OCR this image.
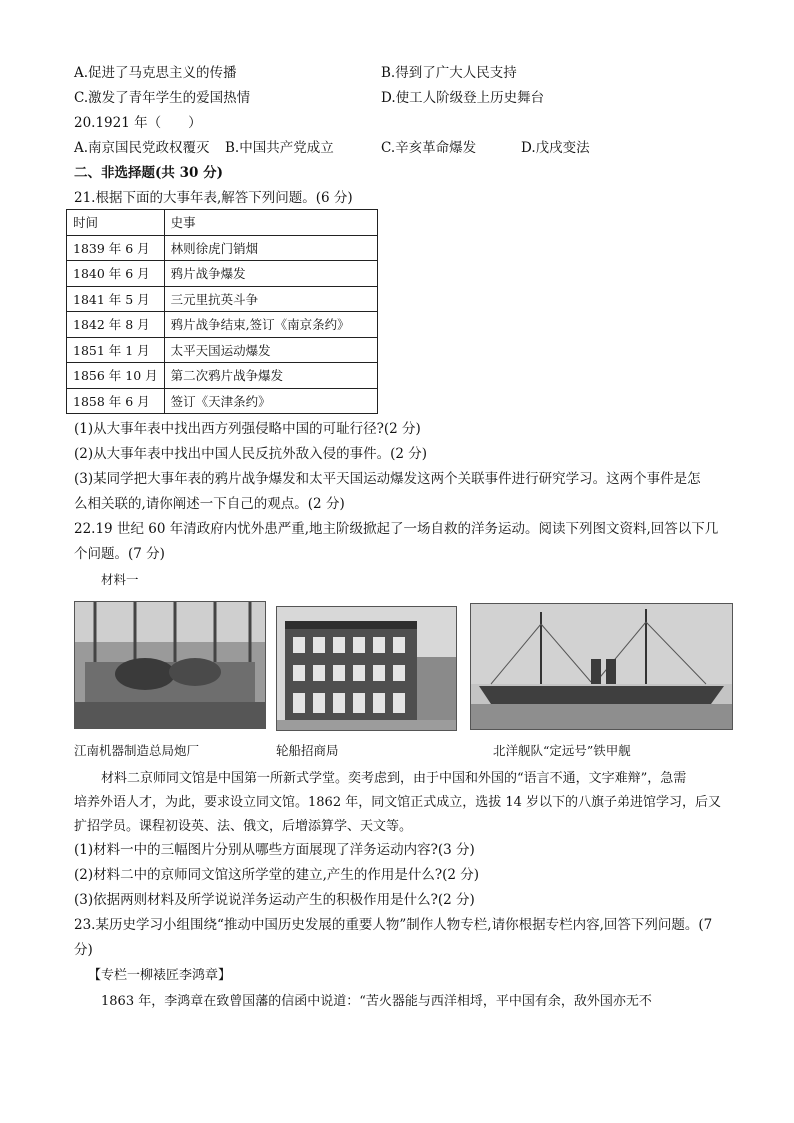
A.促进了马克思主义的传播	B.得到了广大人民支持
C.激发了青年学生的爱国热情	D.使工人阶级登上历史舞台
20.1921 年（　　）
A.南京国民党政权覆灭 B.中国共产党成立	C.辛亥革命爆发	D.戊戌变法
二、非选择题(共 30 分)
21.根据下面的大事年表,解答下列问题。(6 分)
时间	史事
1839 年 6 月	林则徐虎门销烟
1840 年 6 月	鸦片战争爆发
1841 年 5 月	三元里抗英斗争
1842 年 8 月	鸦片战争结束,签订《南京条约》
1851 年 1 月	太平天国运动爆发
1856 年 10 月	第二次鸦片战争爆发
1858 年 6 月	签订《天津条约》
(1)从大事年表中找出西方列强侵略中国的可耻行径?(2 分)
(2)从大事年表中找出中国人民反抗外敌入侵的事件。(2 分)
(3)某同学把大事年表的鸦片战争爆发和太平天国运动爆发这两个关联事件进行研究学习。这两个事件是怎
么相关联的,请你阐述一下自己的观点。(2 分)
22.19 世纪 60 年清政府内忧外患严重,地主阶级掀起了一场自救的洋务运动。阅读下列图文资料,回答以下几
个问题。(7 分)
材料一
江南机器制造总局炮厂	轮船招商局	北洋舰队“定远号”铁甲舰

材料二京师同文馆是中国第一所新式学堂。奕考虑到，由于中国和外国的“语言不通，文字难辩”，急需

培养外语人才，为此，要求设立同文馆。1862 年，同文馆正式成立，选拔 14 岁以下的八旗子弟进馆学习，后又

扩招学员。课程初设英、法、俄文，后增添算学、天文等。

(1)材料一中的三幅图片分别从哪些方面展现了洋务运动内容?(3 分)
(2)材料二中的京师同文馆这所学堂的建立,产生的作用是什么?(2 分)
(3)依据两则材料及所学说说洋务运动产生的积极作用是什么?(2 分)
23.某历史学习小组围绕“推动中国历史发展的重要人物”制作人物专栏,请你根据专栏内容,回答下列问题。(7
分)
【专栏一柳裱匠李鸿章】
1863 年，李鸿章在致曾国藩的信函中说道：“苦火器能与西洋相埒，平中国有余，敌外国亦无不
